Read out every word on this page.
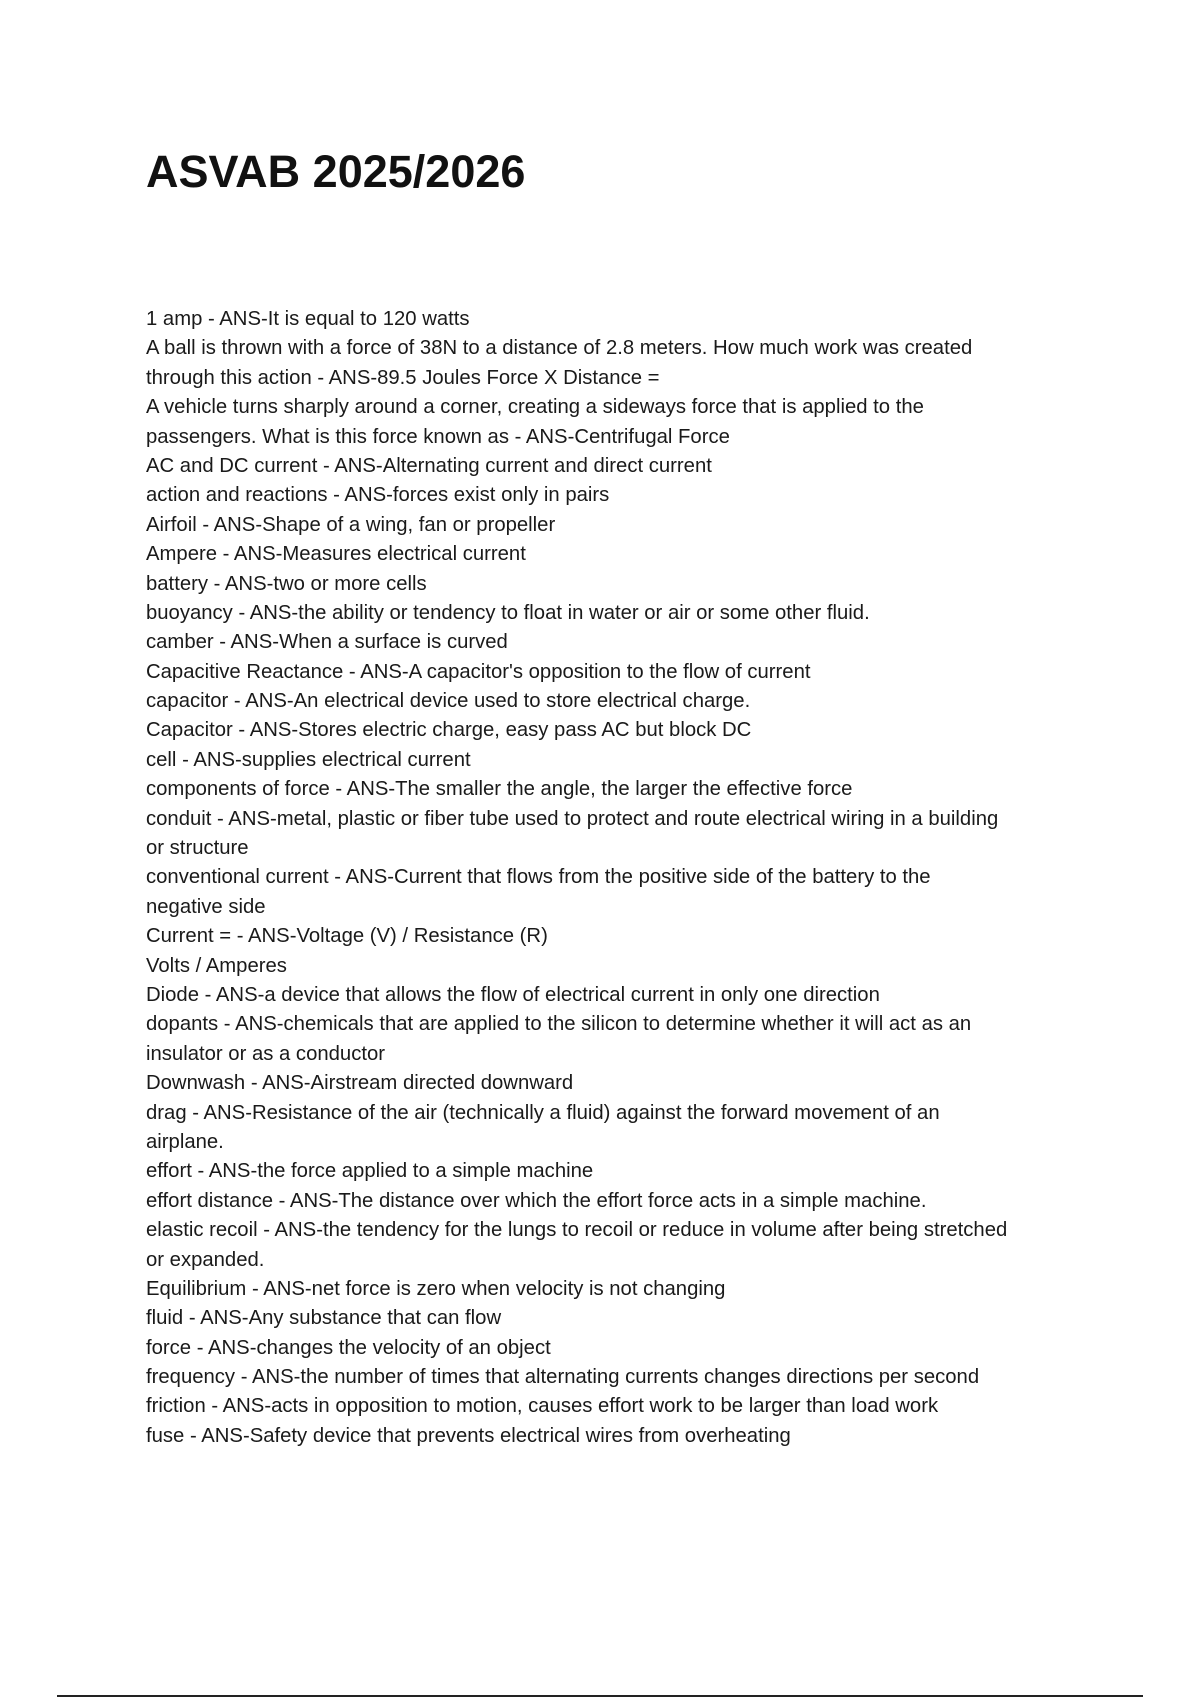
ASVAB 2025/2026
1 amp - ANS-It is equal to 120 watts
A ball is thrown with a force of 38N to a distance of 2.8 meters. How much work was created
through this action - ANS-89.5 Joules Force X Distance =
A vehicle turns sharply around a corner, creating a sideways force that is applied to the
passengers. What is this force known as - ANS-Centrifugal Force
AC and DC current - ANS-Alternating current and direct current
action and reactions - ANS-forces exist only in pairs
Airfoil - ANS-Shape of a wing, fan or propeller
Ampere - ANS-Measures electrical current
battery - ANS-two or more cells
buoyancy - ANS-the ability or tendency to float in water or air or some other fluid.
camber - ANS-When a surface is curved
Capacitive Reactance - ANS-A capacitor's opposition to the flow of current
capacitor - ANS-An electrical device used to store electrical charge.
Capacitor - ANS-Stores electric charge, easy pass AC but block DC
cell - ANS-supplies electrical current
components of force - ANS-The smaller the angle, the larger the effective force
conduit - ANS-metal, plastic or fiber tube used to protect and route electrical wiring in a building
or structure
conventional current - ANS-Current that flows from the positive side of the battery to the
negative side
Current = - ANS-Voltage (V) / Resistance (R)
Volts / Amperes
Diode - ANS-a device that allows the flow of electrical current in only one direction
dopants - ANS-chemicals that are applied to the silicon to determine whether it will act as an
insulator or as a conductor
Downwash - ANS-Airstream directed downward
drag - ANS-Resistance of the air (technically a fluid) against the forward movement of an
airplane.
effort - ANS-the force applied to a simple machine
effort distance - ANS-The distance over which the effort force acts in a simple machine.
elastic recoil - ANS-the tendency for the lungs to recoil or reduce in volume after being stretched
or expanded.
Equilibrium - ANS-net force is zero when velocity is not changing
fluid - ANS-Any substance that can flow
force - ANS-changes the velocity of an object
frequency - ANS-the number of times that alternating currents changes directions per second
friction - ANS-acts in opposition to motion, causes effort work to be larger than load work
fuse - ANS-Safety device that prevents electrical wires from overheating
